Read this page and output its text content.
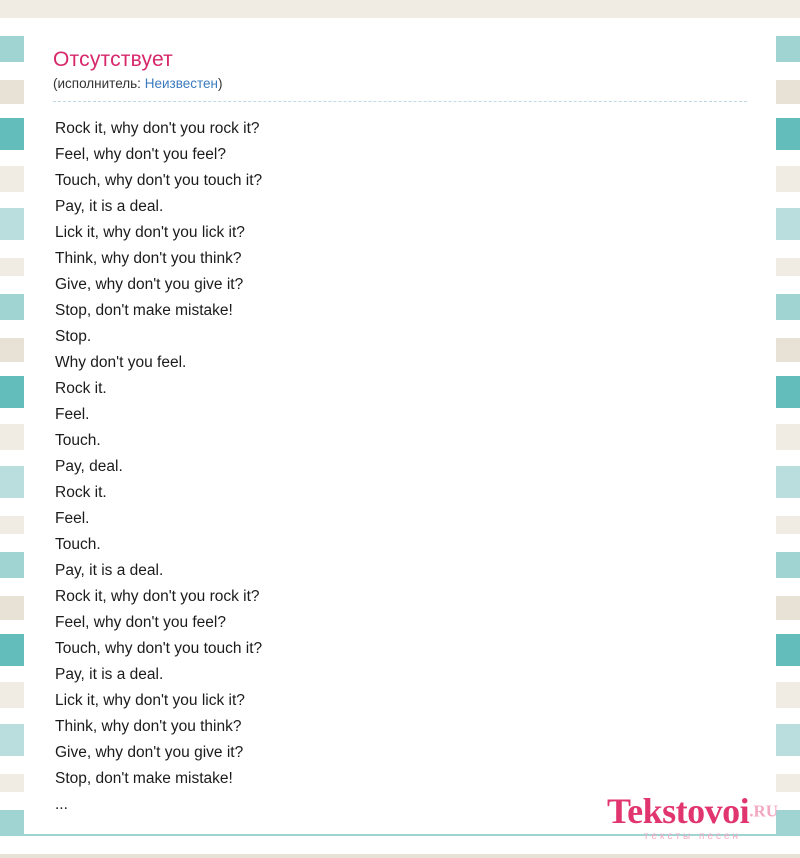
Отсутствует
(исполнитель: Неизвестен)
Rock it, why don't you rock it?
Feel, why don't you feel?
Touch, why don't you touch it?
Pay, it is a deal.
Lick it, why don't you lick it?
Think, why don't you think?
Give, why don't you give it?
Stop, don't make mistake!
Stop.
Why don't you feel.
Rock it.
Feel.
Touch.
Pay, deal.
Rock it.
Feel.
Touch.
Pay, it is a deal.
Rock it, why don't you rock it?
Feel, why don't you feel?
Touch, why don't you touch it?
Pay, it is a deal.
Lick it, why don't you lick it?
Think, why don't you think?
Give, why don't you give it?
Stop, don't make mistake!
...	Tekstovoi.RU
тексты песен
